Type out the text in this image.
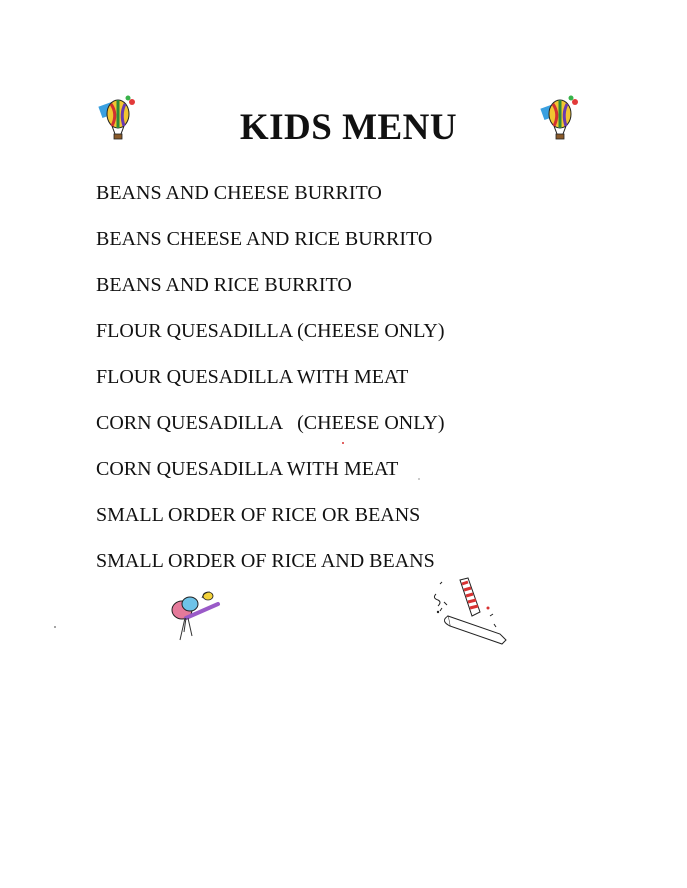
KIDS MENU
BEANS AND CHEESE BURRITO
BEANS CHEESE AND RICE BURRITO
BEANS AND RICE BURRITO
FLOUR QUESADILLA (CHEESE ONLY)
FLOUR QUESADILLA WITH MEAT
CORN QUESADILLA   (CHEESE ONLY)
CORN QUESADILLA WITH MEAT
SMALL ORDER OF RICE OR BEANS
SMALL ORDER OF RICE AND BEANS
